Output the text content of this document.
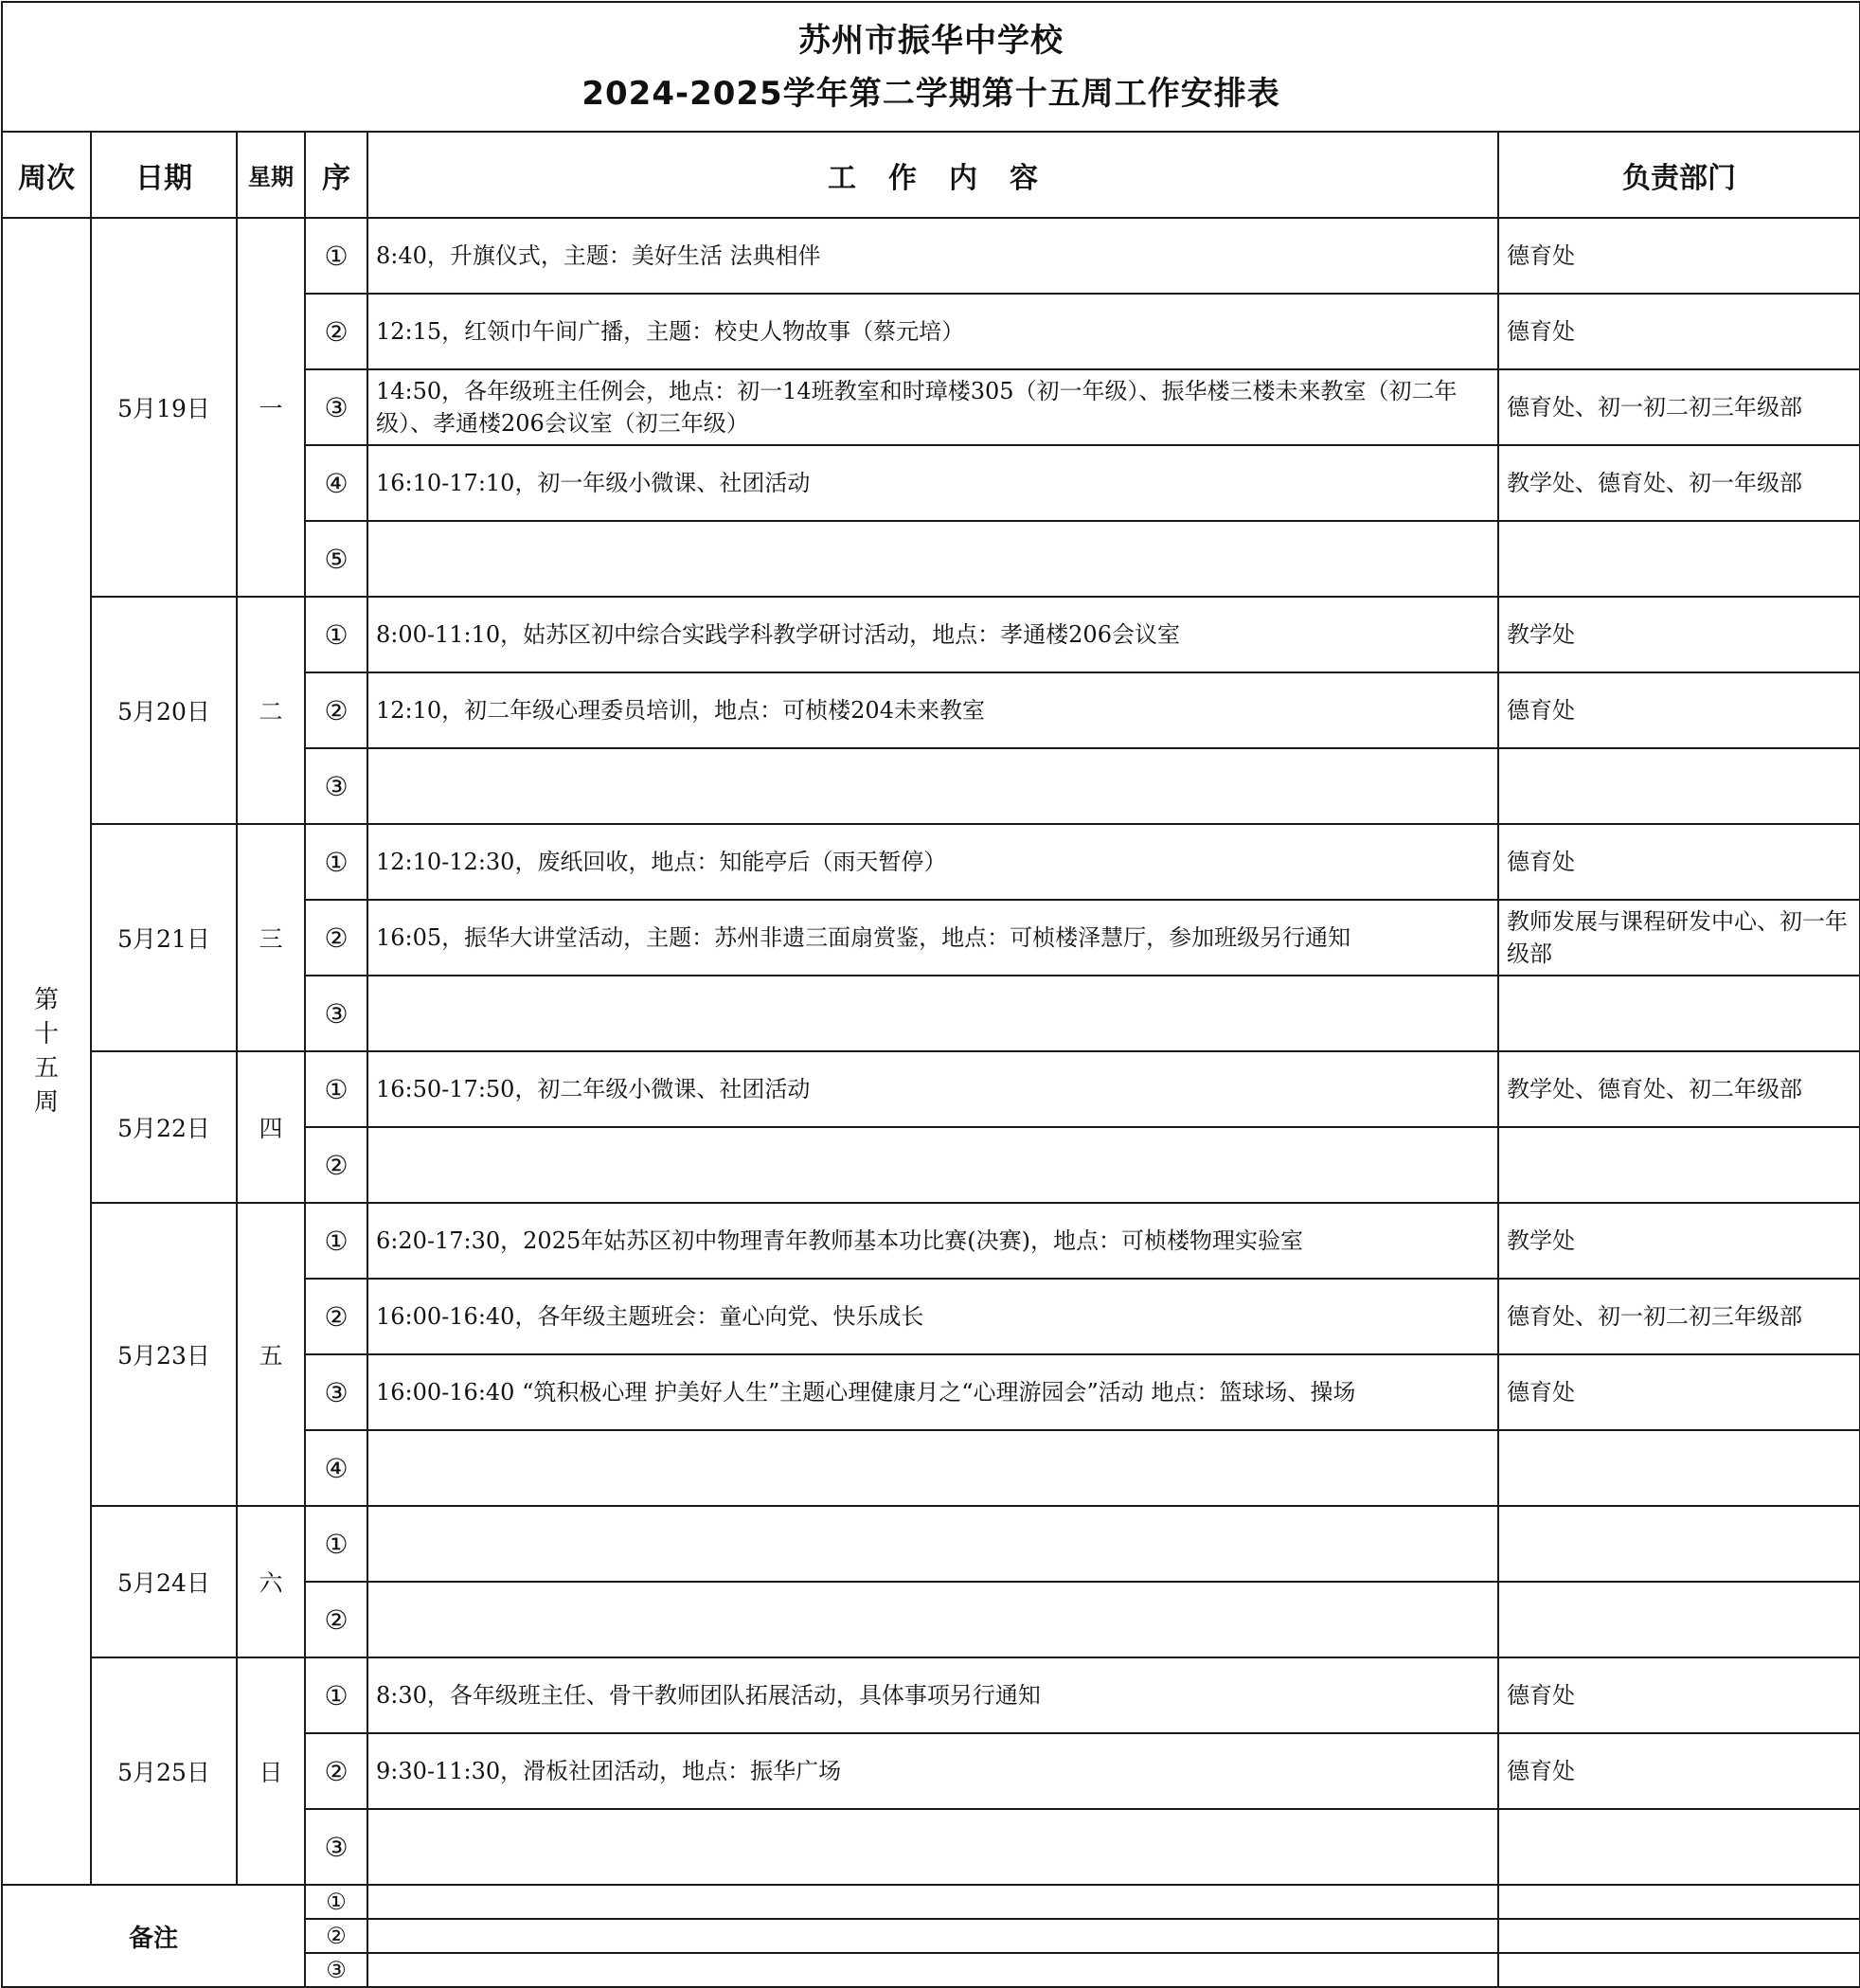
苏州市振华中学校
2024-2025学年第二学期第十五周工作安排表					

周次	日期	星期	序	工作内容	负责部门

第
十
五
周	5月19日	一	①	8:40，升旗仪式，主题：美好生活 法典相伴	德育处
			②	12:15，红领巾午间广播，主题：校史人物故事（蔡元培）	德育处
			③	14:50，各年级班主任例会，地点：初一14班教室和时璋楼305（初一年级）、振华楼三楼未来教室（初二年级）、孝通楼206会议室（初三年级）	德育处、初一初二初三年级部
			④	16:10-17:10，初一年级小微课、社团活动	教学处、德育处、初一年级部
			⑤		
	5月20日	二	①	8:00-11:10，姑苏区初中综合实践学科教学研讨活动，地点：孝通楼206会议室	教学处
			②	12:10，初二年级心理委员培训，地点：可桢楼204未来教室	德育处
			③		
	5月21日	三	①	12:10-12:30，废纸回收，地点：知能亭后（雨天暂停）	德育处
			②	16:05，振华大讲堂活动，主题：苏州非遗三面扇赏鉴，地点：可桢楼泽慧厅，参加班级另行通知	教师发展与课程研发中心、初一年级部
			③		
	5月22日	四	①	16:50-17:50，初二年级小微课、社团活动	教学处、德育处、初二年级部
			②		
	5月23日	五	①	6:20-17:30，2025年姑苏区初中物理青年教师基本功比赛(决赛)，地点：可桢楼物理实验室	教学处
			②	16:00-16:40，各年级主题班会：童心向党、快乐成长	德育处、初一初二初三年级部
			③	16:00-16:40 “筑积极心理 护美好人生”主题心理健康月之“心理游园会”活动 地点：篮球场、操场	德育处
			④		
	5月24日	六	①		
			②		
	5月25日	日	①	8:30，各年级班主任、骨干教师团队拓展活动，具体事项另行通知	德育处
			②	9:30-11:30，滑板社团活动，地点：振华广场	德育处
			③		
备注			①		
			②		
			③		
